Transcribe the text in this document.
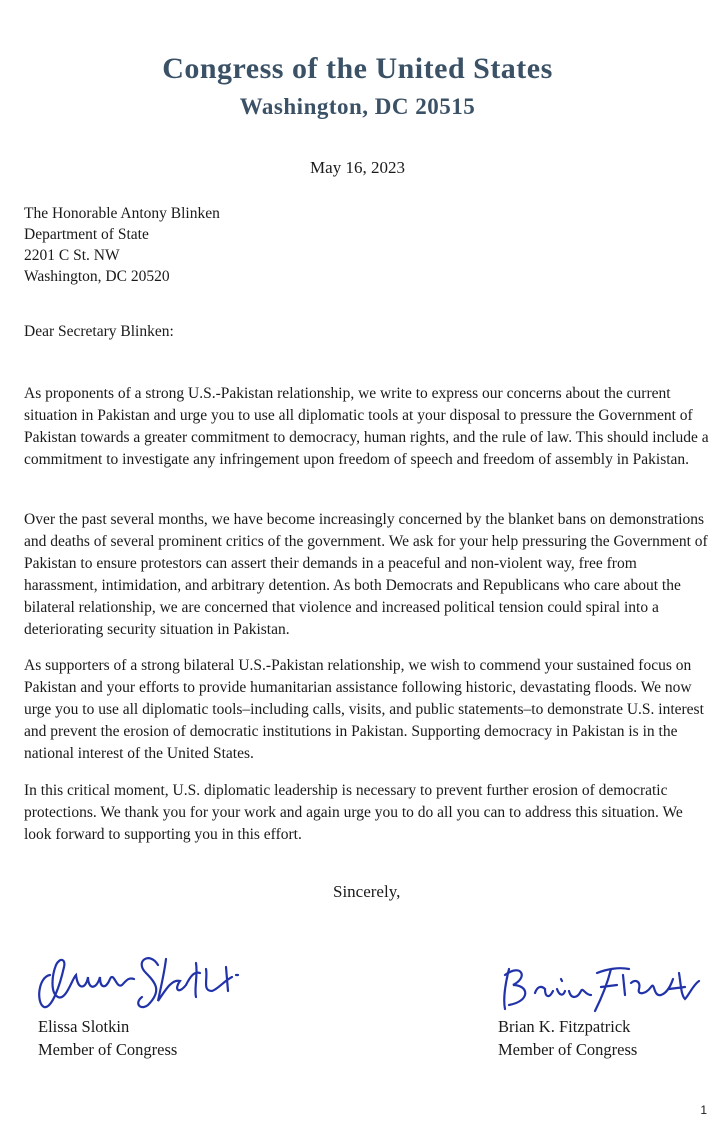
Congress of the United States
Washington, DC 20515
May 16, 2023
The Honorable Antony Blinken
Department of State
2201 C St. NW
Washington, DC 20520
Dear Secretary Blinken:
As proponents of a strong U.S.-Pakistan relationship, we write to express our concerns about the current situation in Pakistan and urge you to use all diplomatic tools at your disposal to pressure the Government of Pakistan towards a greater commitment to democracy, human rights, and the rule of law. This should include a commitment to investigate any infringement upon freedom of speech and freedom of assembly in Pakistan.
Over the past several months, we have become increasingly concerned by the blanket bans on demonstrations and deaths of several prominent critics of the government. We ask for your help pressuring the Government of Pakistan to ensure protestors can assert their demands in a peaceful and non-violent way, free from harassment, intimidation, and arbitrary detention. As both Democrats and Republicans who care about the bilateral relationship, we are concerned that violence and increased political tension could spiral into a deteriorating security situation in Pakistan.
As supporters of a strong bilateral U.S.-Pakistan relationship, we wish to commend your sustained focus on Pakistan and your efforts to provide humanitarian assistance following historic, devastating floods. We now urge you to use all diplomatic tools–including calls, visits, and public statements–to demonstrate U.S. interest and prevent the erosion of democratic institutions in Pakistan. Supporting democracy in Pakistan is in the national interest of the United States.
In this critical moment, U.S. diplomatic leadership is necessary to prevent further erosion of democratic protections. We thank you for your work and again urge you to do all you can to address this situation. We look forward to supporting you in this effort.
Sincerely,
Elissa Slotkin
Member of Congress
Brian K. Fitzpatrick
Member of Congress
1
